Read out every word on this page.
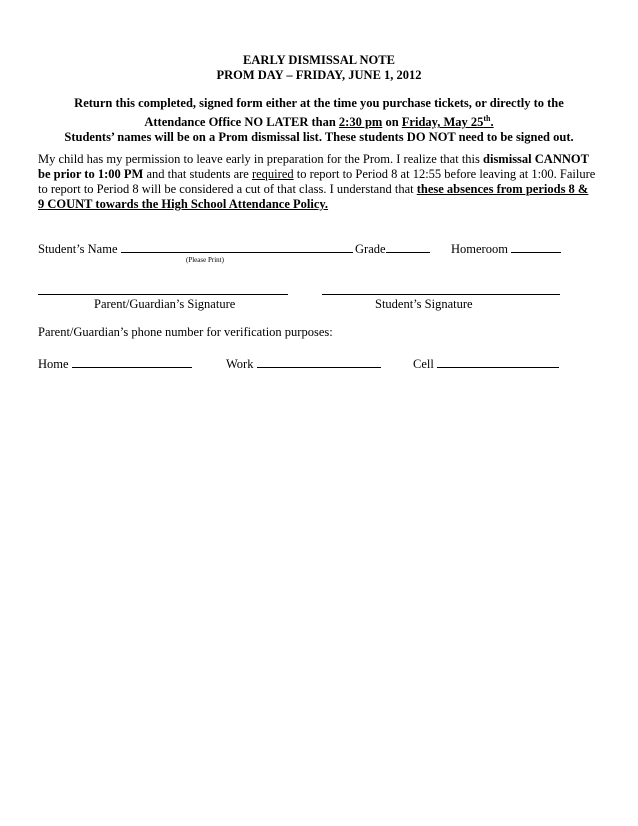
EARLY DISMISSAL NOTE
PROM DAY – FRIDAY, JUNE 1, 2012
Return this completed, signed form either at the time you purchase tickets, or directly to the
Attendance Office NO LATER than 2:30 pm on Friday, May 25th.
Students’ names will be on a Prom dismissal list. These students DO NOT need to be signed out.
My child has my permission to leave early in preparation for the Prom. I realize that this dismissal CANNOT
be prior to 1:00 PM and that students are required to report to Period 8 at 12:55 before leaving at 1:00. Failure
to report to Period 8 will be considered a cut of that class. I understand that these absences from periods 8 &
9 COUNT towards the High School Attendance Policy.
Student’s Name
(Please Print)
Grade	Homeroom
Parent/Guardian’s Signature	Student’s Signature
Parent/Guardian’s phone number for verification purposes:
Home	Work	Cell
